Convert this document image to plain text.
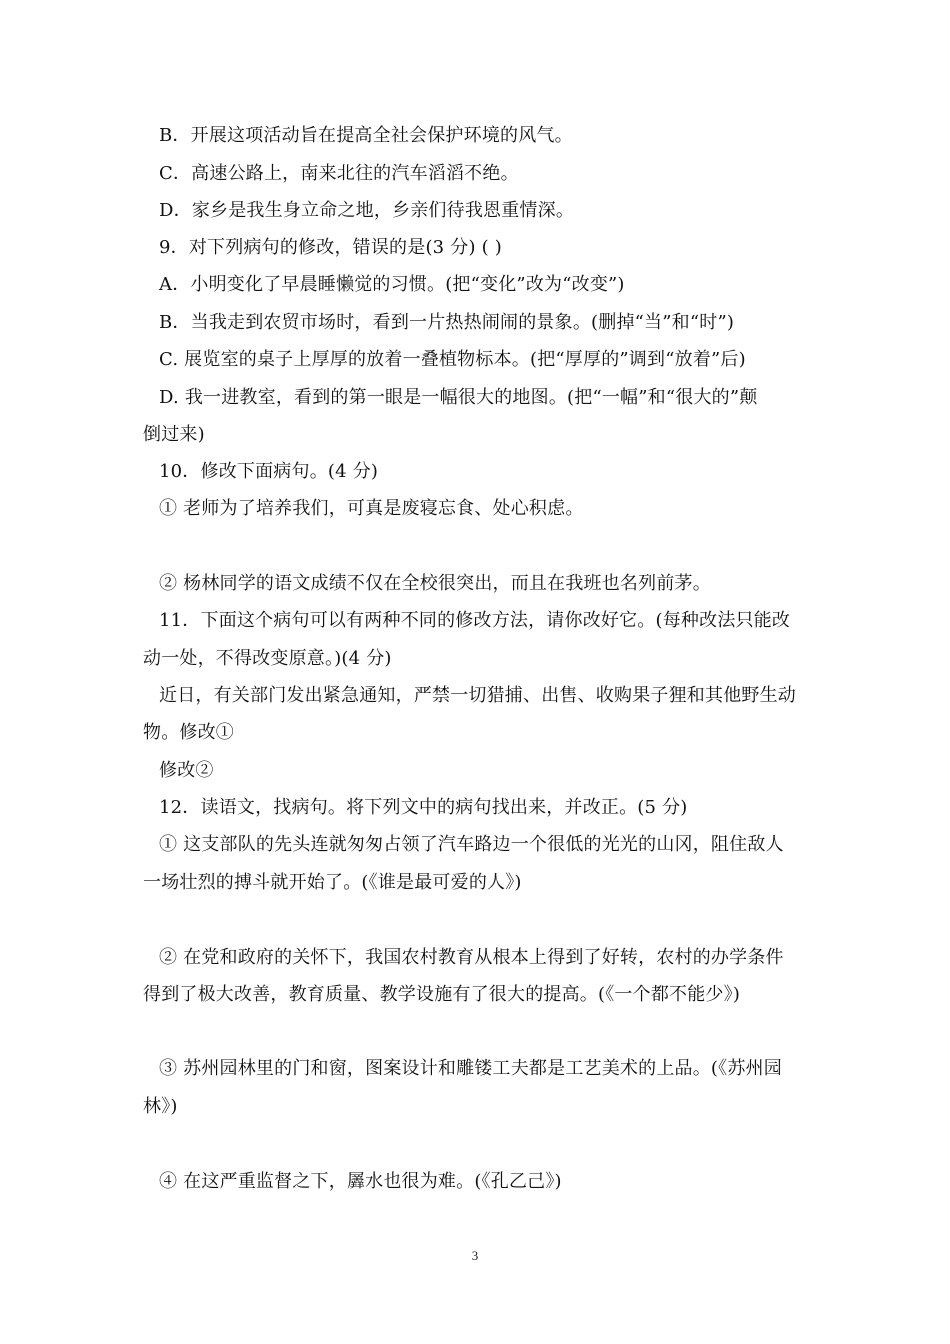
B．开展这项活动旨在提高全社会保护环境的风气。
C．高速公路上，南来北往的汽车滔滔不绝。
D．家乡是我生身立命之地，乡亲们待我恩重情深。
9．对下列病句的修改，错误的是(3 分) ( )
A．小明变化了早晨睡懒觉的习惯。(把“变化”改为“改变”)
B．当我走到农贸市场时，看到一片热热闹闹的景象。(删掉“当”和“时”)
C. 展览室的桌子上厚厚的放着一叠植物标本。(把“厚厚的”调到“放着”后)
D. 我一进教室，看到的第一眼是一幅很大的地图。(把“一幅”和“很大的”颠
倒过来)
10．修改下面病句。(4 分)
① 老师为了培养我们，可真是废寝忘食、处心积虑。
② 杨林同学的语文成绩不仅在全校很突出，而且在我班也名列前茅。
11．下面这个病句可以有两种不同的修改方法，请你改好它。(每种改法只能改
动一处，不得改变原意。)(4 分)
近日，有关部门发出紧急通知，严禁一切猎捕、出售、收购果子狸和其他野生动
物。修改①
修改②
12．读语文，找病句。将下列文中的病句找出来，并改正。(5 分)
① 这支部队的先头连就匆匆占领了汽车路边一个很低的光光的山冈，阻住敌人
一场壮烈的搏斗就开始了。(《谁是最可爱的人》)
② 在党和政府的关怀下，我国农村教育从根本上得到了好转，农村的办学条件
得到了极大改善，教育质量、教学设施有了很大的提高。(《一个都不能少》)
③ 苏州园林里的门和窗，图案设计和雕镂工夫都是工艺美术的上品。(《苏州园
林》)
④ 在这严重监督之下，羼水也很为难。(《孔乙己》)
3
